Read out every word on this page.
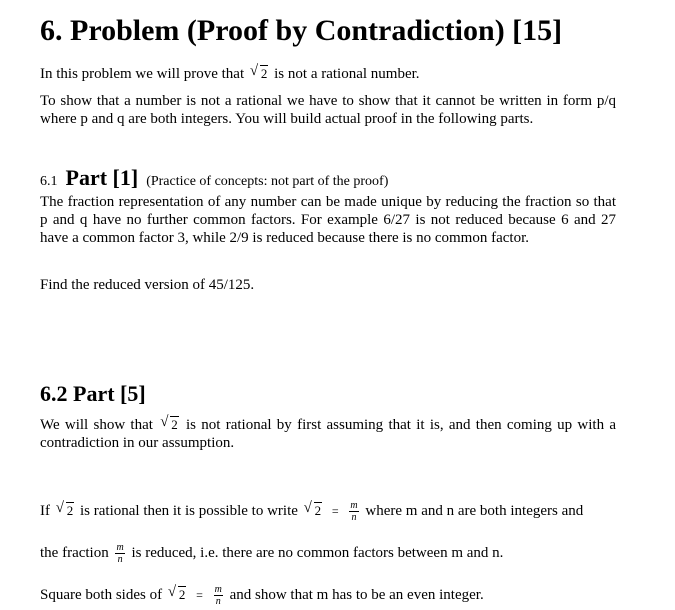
6. Problem (Proof by Contradiction) [15]
In this problem we will prove that √ 2 is not a rational number.
To show that a number is not a rational we have to show that it cannot be written in form p/q where p and q are both integers. You will build actual proof in the following parts.
6.1 Part [1] (Practice of concepts: not part of the proof)
The fraction representation of any number can be made unique by reducing the fraction so that p and q have no further common factors. For example 6/27 is not reduced because 6 and 27 have a common factor 3, while 2/9 is reduced because there is no common factor.
Find the reduced version of 45/125.
6.2 Part [5]
We will show that √ 2 is not rational by first assuming that it is, and then coming up with a contradiction in our assumption.
If √ 2 is rational then it is possible to write √ $2 = \frac{m}{n}$ where m and n are both integers and
the fraction $\frac{m}{n}$ is reduced, i.e. there are no common factors between m and n.
Square both sides of √ $2 = \frac{m}{n}$ and show that m has to be an even integer.
